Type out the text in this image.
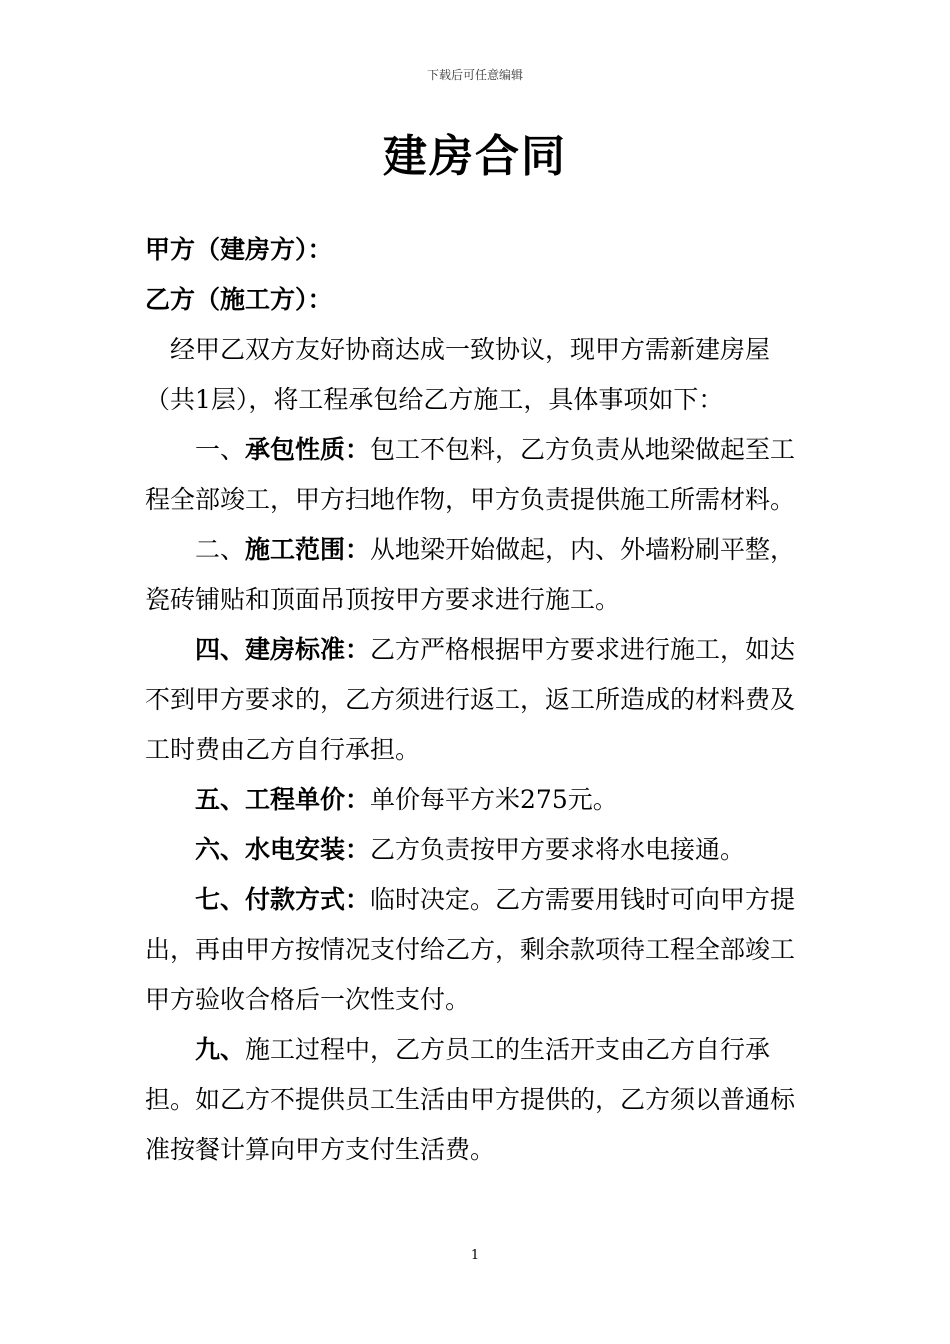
下载后可任意编辑
建房合同

甲方（建房方）：

乙方（施工方）：

经甲乙双方友好协商达成一致协议，现甲方需新建房屋（共1层），将工程承包给乙方施工，具体事项如下：

一、承包性质：包工不包料，乙方负责从地梁做起至工程全部竣工，甲方扫地作物，甲方负责提供施工所需材料。

二、施工范围：从地梁开始做起，内、外墙粉刷平整，瓷砖铺贴和顶面吊顶按甲方要求进行施工。

四、建房标准：乙方严格根据甲方要求进行施工，如达不到甲方要求的，乙方须进行返工，返工所造成的材料费及工时费由乙方自行承担。

五、工程单价：单价每平方米275元。

六、水电安装：乙方负责按甲方要求将水电接通。

七、付款方式：临时决定。乙方需要用钱时可向甲方提出，再由甲方按情况支付给乙方，剩余款项待工程全部竣工甲方验收合格后一次性支付。

九、施工过程中，乙方员工的生活开支由乙方自行承担。如乙方不提供员工生活由甲方提供的，乙方须以普通标准按餐计算向甲方支付生活费。

1
